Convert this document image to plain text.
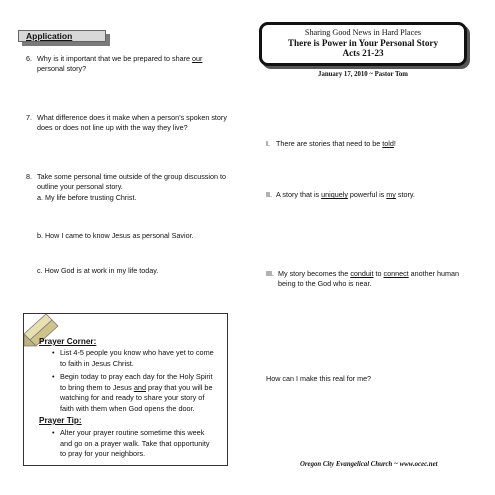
Application
6. Why is it important that we be prepared to share our
personal story?
7. What difference does it make when a person’s spoken story
does or does not line up with the way they live?
8. Take some personal time outside of the group discussion to
outline your personal story.
a. My life before trusting Christ.
b. How I came to know Jesus as personal Savior.
c. How God is at work in my life today.
Prayer Corner:
• List 4-5 people you know who have yet to come
to faith in Jesus Christ.
• Begin today to pray each day for the Holy Spirit
to bring them to Jesus and pray that you will be
watching for and ready to share your story of
faith with them when God opens the door.
Prayer Tip:
• Alter your prayer routine sometime this week
and go on a prayer walk. Take that opportunity
to pray for your neighbors.
Sharing Good News in Hard Places
There is Power in Your Personal Story
Acts 21-23
January 17, 2010 ~ Pastor Tom
I. There are stories that need to be told!
II. A story that is uniquely powerful is my story.
III. My story becomes the conduit to connect another human
being to the God who is near.
How can I make this real for me?
Oregon City Evangelical Church ~ www.ocec.net
